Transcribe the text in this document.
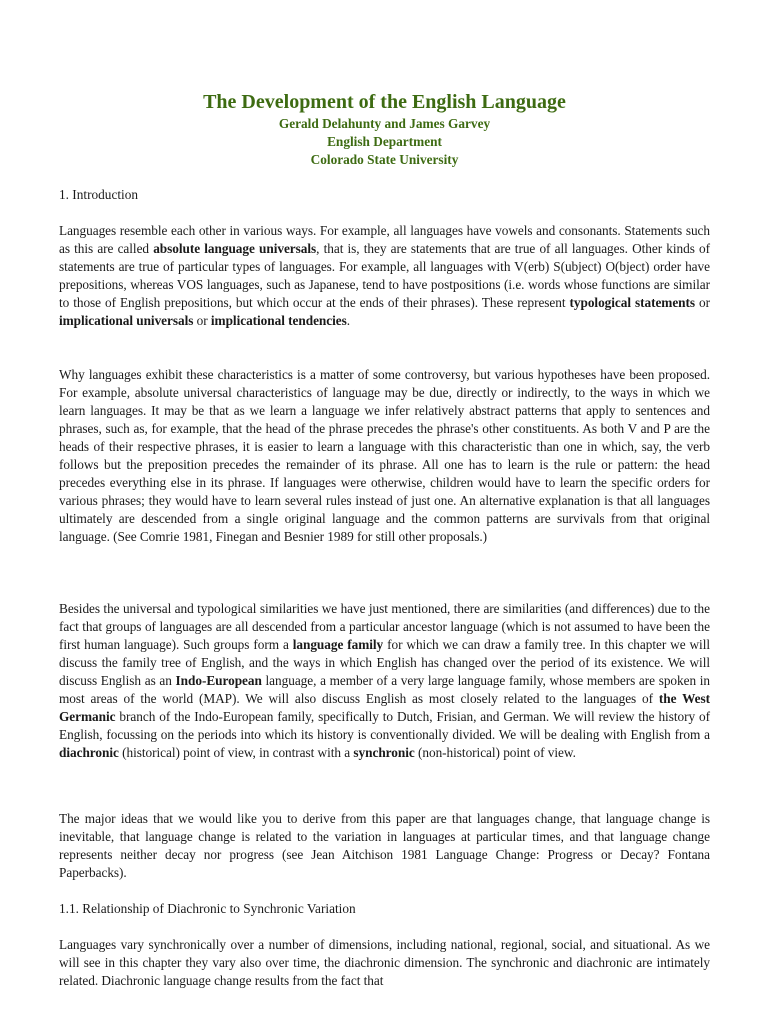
The Development of the English Language

Gerald Delahunty and James Garvey

English Department

Colorado State University

1. Introduction

Languages resemble each other in various ways. For example, all languages have vowels and consonants. Statements such as this are called absolute language universals, that is, they are statements that are true of all languages. Other kinds of statements are true of particular types of languages. For example, all languages with V(erb) S(ubject) O(bject) order have prepositions, whereas VOS languages, such as Japanese, tend to have postpositions (i.e. words whose functions are similar to those of English prepositions, but which occur at the ends of their phrases). These represent typological statements or implicational universals or implicational tendencies.

Why languages exhibit these characteristics is a matter of some controversy, but various hypotheses have been proposed. For example, absolute universal characteristics of language may be due, directly or indirectly, to the ways in which we learn languages. It may be that as we learn a language we infer relatively abstract patterns that apply to sentences and phrases, such as, for example, that the head of the phrase precedes the phrase's other constituents. As both V and P are the heads of their respective phrases, it is easier to learn a language with this characteristic than one in which, say, the verb follows but the preposition precedes the remainder of its phrase. All one has to learn is the rule or pattern: the head precedes everything else in its phrase. If languages were otherwise, children would have to learn the specific orders for various phrases; they would have to learn several rules instead of just one. An alternative explanation is that all languages ultimately are descended from a single original language and the common patterns are survivals from that original language. (See Comrie 1981, Finegan and Besnier 1989 for still other proposals.)

Besides the universal and typological similarities we have just mentioned, there are similarities (and differences) due to the fact that groups of languages are all descended from a particular ancestor language (which is not assumed to have been the first human language). Such groups form a language family for which we can draw a family tree. In this chapter we will discuss the family tree of English, and the ways in which English has changed over the period of its existence. We will discuss English as an Indo-European language, a member of a very large language family, whose members are spoken in most areas of the world (MAP). We will also discuss English as most closely related to the languages of the West Germanic branch of the Indo-European family, specifically to Dutch, Frisian, and German. We will review the history of English, focussing on the periods into which its history is conventionally divided. We will be dealing with English from a diachronic (historical) point of view, in contrast with a synchronic (non-historical) point of view.

The major ideas that we would like you to derive from this paper are that languages change, that language change is inevitable, that language change is related to the variation in languages at particular times, and that language change represents neither decay nor progress (see Jean Aitchison 1981 Language Change: Progress or Decay? Fontana Paperbacks).

1.1. Relationship of Diachronic to Synchronic Variation

Languages vary synchronically over a number of dimensions, including national, regional, social, and situational. As we will see in this chapter they vary also over time, the diachronic dimension. The synchronic and diachronic are intimately related. Diachronic language change results from the fact that
